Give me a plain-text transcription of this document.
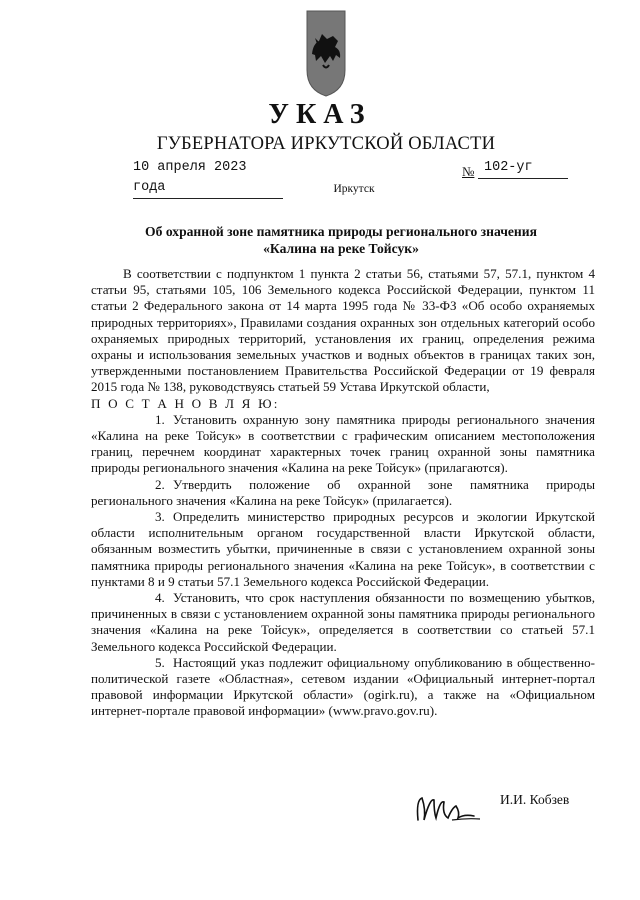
УКАЗ
ГУБЕРНАТОРА ИРКУТСКОЙ ОБЛАСТИ
10 апреля 2023 года
№ 102-уг
Иркутск
Об охранной зоне памятника природы регионального значения
«Калина на реке Тойсук»

В соответствии с подпунктом 1 пункта 2 статьи 56, статьями 57, 57.1, пунктом 4 статьи 95, статьями 105, 106 Земельного кодекса Российской Федерации, пунктом 11 статьи 2 Федерального закона от 14 марта 1995 года № 33-ФЗ «Об особо охраняемых природных территориях», Правилами создания охранных зон отдельных категорий особо охраняемых природных территорий, установления их границ, определения режима охраны и использования земельных участков и водных объектов в границах таких зон, утвержденными постановлением Правительства Российской Федерации от 19 февраля 2015 года № 138, руководствуясь статьей 59 Устава Иркутской области,

П О С Т А Н О В Л Я Ю:

1. Установить охранную зону памятника природы регионального значения «Калина на реке Тойсук» в соответствии с графическим описанием местоположения границ, перечнем координат характерных точек границ охранной зоны памятника природы регионального значения «Калина на реке Тойсук» (прилагаются).

2. Утвердить положение об охранной зоне памятника природы регионального значения «Калина на реке Тойсук» (прилагается).

3. Определить министерство природных ресурсов и экологии Иркутской области исполнительным органом государственной власти Иркутской области, обязанным возместить убытки, причиненные в связи с установлением охранной зоны памятника природы регионального значения «Калина на реке Тойсук», в соответствии с пунктами 8 и 9 статьи 57.1 Земельного кодекса Российской Федерации.

4. Установить, что срок наступления обязанности по возмещению убытков, причиненных в связи с установлением охранной зоны памятника природы регионального значения «Калина на реке Тойсук», определяется в соответствии со статьей 57.1 Земельного кодекса Российской Федерации.

5. Настоящий указ подлежит официальному опубликованию в общественно-политической газете «Областная», сетевом издании «Официальный интернет-портал правовой информации Иркутской области» (ogirk.ru), а также на «Официальном интернет-портале правовой информации» (www.pravo.gov.ru).

И.И. Кобзев
